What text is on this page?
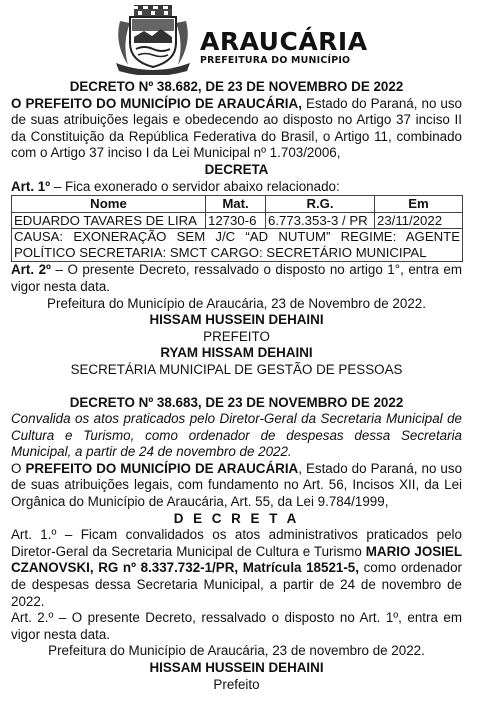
ARAUCÁRIA
PREFEITURA DO MUNICÍPIO

DECRETO Nº 38.682, DE 23 DE NOVEMBRO DE 2022

O PREFEITO DO MUNICÍPIO DE ARAUCÁRIA, Estado do Paraná, no uso de suas atribuições legais e obedecendo ao disposto no Artigo 37 inciso II da Constituição da República Federativa do Brasil, o Artigo 11, combinado com o Artigo 37 inciso I da Lei Municipal nº 1.703/2006,

DECRETA

Art. 1º – Fica exonerado o servidor abaixo relacionado:

Nome	Mat.	R.G.	Em
EDUARDO TAVARES DE LIRA	12730-6	6.773.353-3 / PR	23/11/2022
CAUSA: EXONERAÇÃO SEM J/C “AD NUTUM” REGIME: AGENTE POLÍTICO SECRETARIA: SMCT CARGO: SECRETÁRIO MUNICIPAL			

Art. 2º – O presente Decreto, ressalvado o disposto no artigo 1°, entra em vigor nesta data.

Prefeitura do Município de Araucária, 23 de Novembro de 2022.

HISSAM HUSSEIN DEHAINI

PREFEITO

RYAM HISSAM DEHAINI

SECRETÁRIA MUNICIPAL DE GESTÃO DE PESSOAS

DECRETO Nº 38.683, DE 23 DE NOVEMBRO DE 2022

Convalida os atos praticados pelo Diretor-Geral da Secretaria Municipal de Cultura e Turismo, como ordenador de despesas dessa Secretaria Municipal, a partir de 24 de novembro de 2022.

O PREFEITO DO MUNICÍPIO DE ARAUCÁRIA, Estado do Paraná, no uso de suas atribuições legais, com fundamento no Art. 56, Incisos XII, da Lei Orgânica do Município de Araucária, Art. 55, da Lei 9.784/1999,

D E C R E T A

Art. 1.º – Ficam convalidados os atos administrativos praticados pelo Diretor-Geral da Secretaria Municipal de Cultura e Turismo MARIO JOSIEL CZANOVSKI, RG nº 8.337.732-1/PR, Matrícula 18521-5, como ordenador de despesas dessa Secretaria Municipal, a partir de 24 de novembro de 2022.

Art. 2.º – O presente Decreto, ressalvado o disposto no Art. 1º, entra em vigor nesta data.

Prefeitura do Município de Araucária, 23 de novembro de 2022.

HISSAM HUSSEIN DEHAINI

Prefeito
